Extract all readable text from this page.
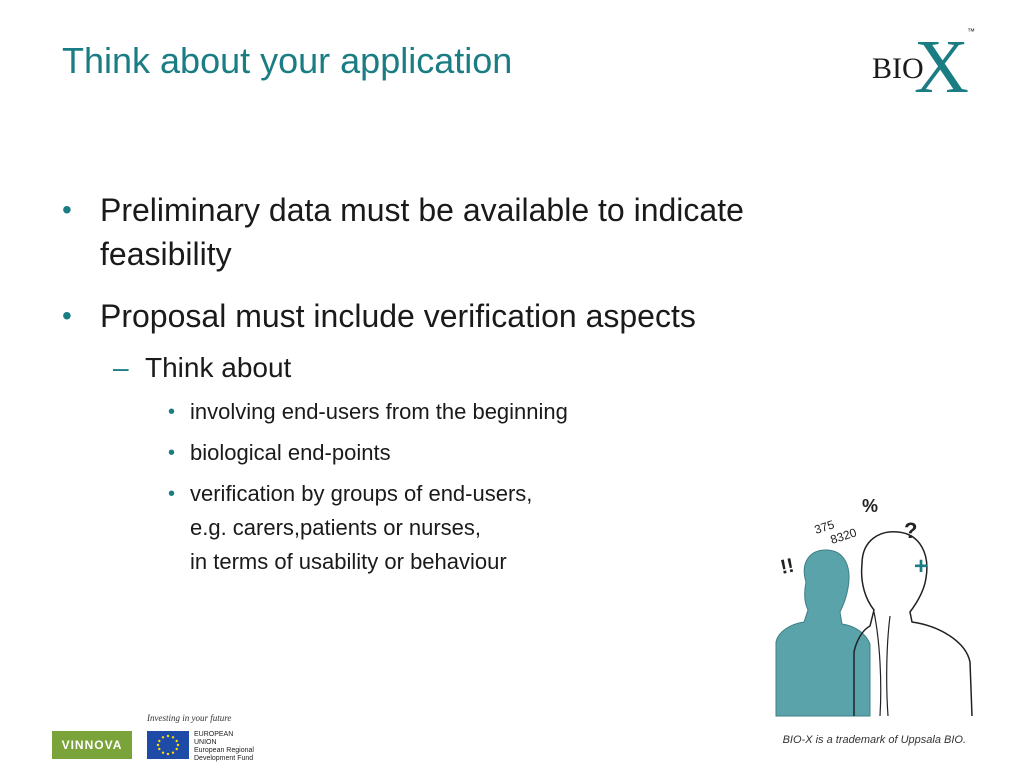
Think about your application	BIO
X
™
• Preliminary data must be available to indicate
feasibility
• Proposal must include verification aspects
– Think about
• involving end-users from the beginning
• biological end-points
• verification by groups of end-users,
e.g. carers,patients or nurses,
in terms of usability or behaviour
%
375
8320 ?
!!	+
Investing in your future
VINNOVA
EUROPEAN
UNION
European Regional
Development Fund
BIO-X is a trademark of Uppsala BIO.
